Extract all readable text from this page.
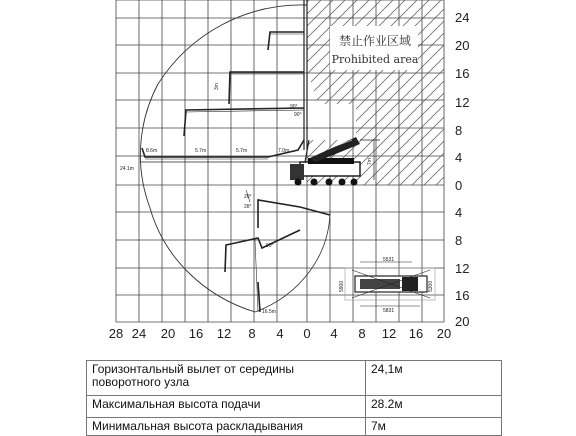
禁止作业区域
Prohibited area
8.6m	5.7m	5.7m	7.0m
24.1m
3m
16.5m
90°
90°
28°
20°
90°
7m
5531
5831
5900	5300
24
20
16
12
8
4
0
4
8
12
16
20
28 24 20 16 12 8 4 0 4 8 12 16 20
Горизонтальный вылет от середины поворотного узла	24,1м
Максимальная высота подачи	28.2м
Минимальная высота раскладывания	7м
